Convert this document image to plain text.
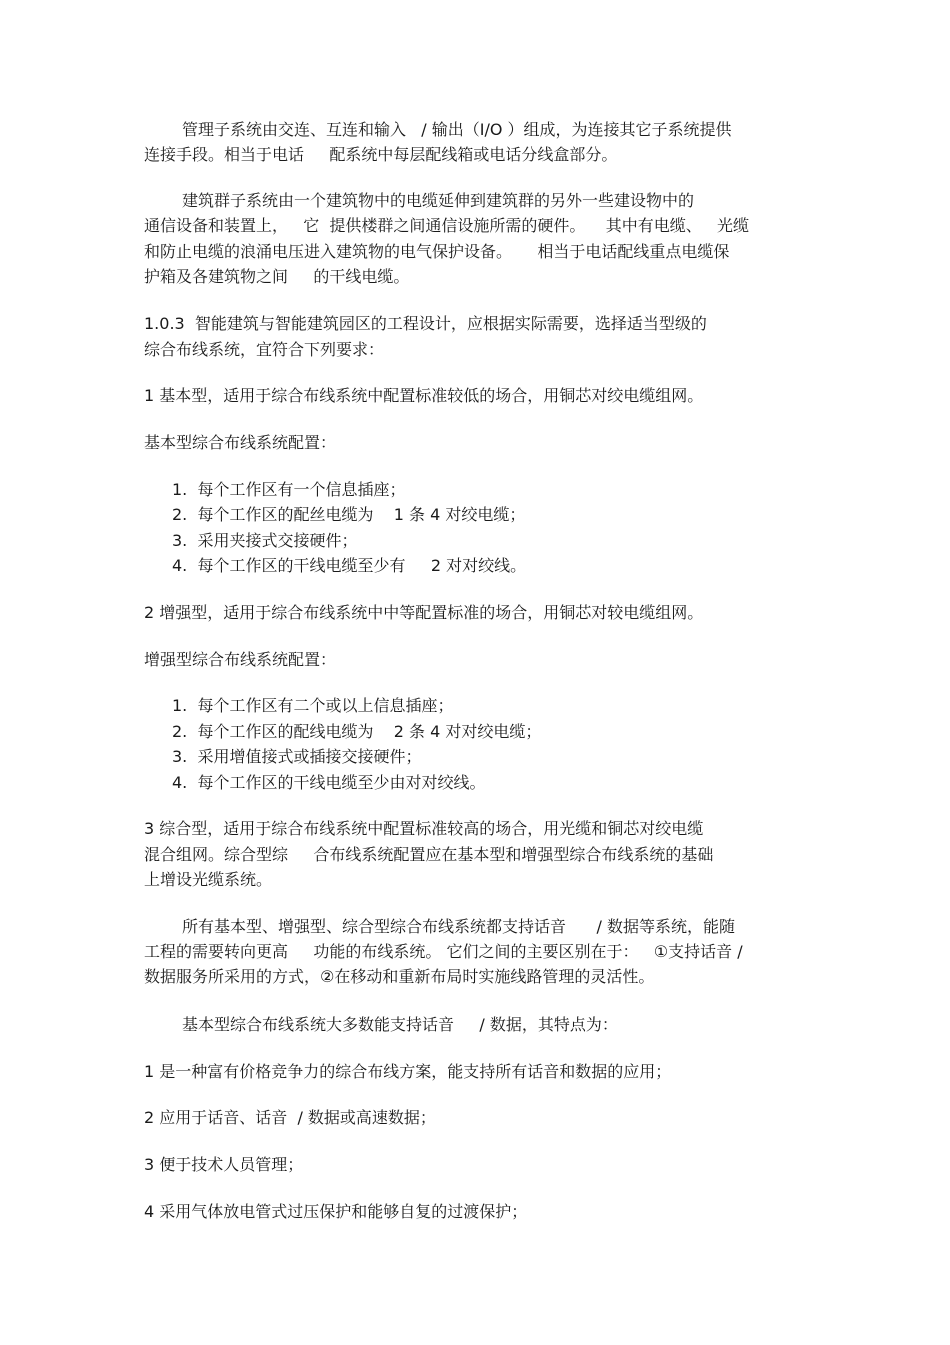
管理子系统由交连、互连和输入   / 输出（I/O ）组成，为连接其它子系统提供
连接手段。相当于电话     配系统中每层配线箱或电话分线盒部分。
建筑群子系统由一个建筑物中的电缆延伸到建筑群的另外一些建设物中的
通信设备和装置上，   它  提供楼群之间通信设施所需的硬件。    其中有电缆、   光缆
和防止电缆的浪涌电压进入建筑物的电气保护设备。     相当于电话配线重点电缆保
护箱及各建筑物之间     的干线电缆。
1.0.3  智能建筑与智能建筑园区的工程设计，应根据实际需要，选择适当型级的
综合布线系统，宜符合下列要求：
1 基本型，适用于综合布线系统中配置标准较低的场合，用铜芯对绞电缆组网。
基本型综合布线系统配置：
1.  每个工作区有一个信息插座；
2.  每个工作区的配丝电缆为    1 条 4 对绞电缆；
3.  采用夹接式交接硬件；
4.  每个工作区的干线电缆至少有     2 对对绞线。
2 增强型，适用于综合布线系统中中等配置标准的场合，用铜芯对较电缆组网。
增强型综合布线系统配置：
1.  每个工作区有二个或以上信息插座；
2.  每个工作区的配线电缆为    2 条 4 对对绞电缆；
3.  采用增值接式或插接交接硬件；
4.  每个工作区的干线电缆至少由对对绞线。
3 综合型，适用于综合布线系统中配置标准较高的场合，用光缆和铜芯对绞电缆
混合组网。综合型综     合布线系统配置应在基本型和增强型综合布线系统的基础
上增设光缆系统。
所有基本型、增强型、综合型综合布线系统都支持话音      / 数据等系统，能随
工程的需要转向更高     功能的布线系统。 它们之间的主要区别在于：   ①支持话音 /
数据服务所采用的方式，②在移动和重新布局时实施线路管理的灵活性。
基本型综合布线系统大多数能支持话音     / 数据，其特点为：
1 是一种富有价格竞争力的综合布线方案，能支持所有话音和数据的应用；
2 应用于话音、话音  / 数据或高速数据；
3 便于技术人员管理；
4 采用气体放电管式过压保护和能够自复的过渡保护；
